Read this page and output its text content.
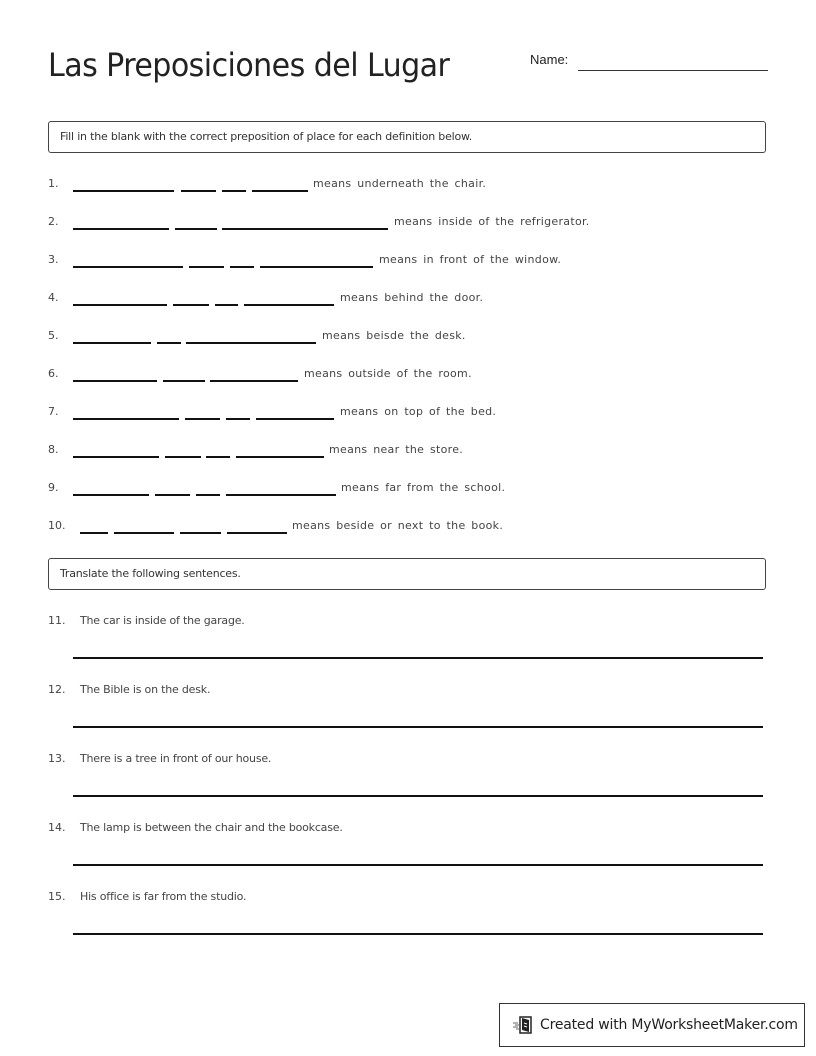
Las Preposiciones del Lugar	Name:
Fill in the blank with the correct preposition of place for each definition below.
1.	means underneath the chair.
2.	means inside of the refrigerator.
3.	means in front of the window.
4.	means behind the door.
5.	means beisde the desk.
6.	means outside of the room.
7.	means on top of the bed.
8.	means near the store.
9.	means far from the school.
10.	means beside or next to the book.
Translate the following sentences.
11. The car is inside of the garage.
12. The Bible is on the desk.
13. There is a tree in front of our house.
14. The lamp is between the chair and the bookcase.
15. His office is far from the studio.
Created with MyWorksheetMaker.com
